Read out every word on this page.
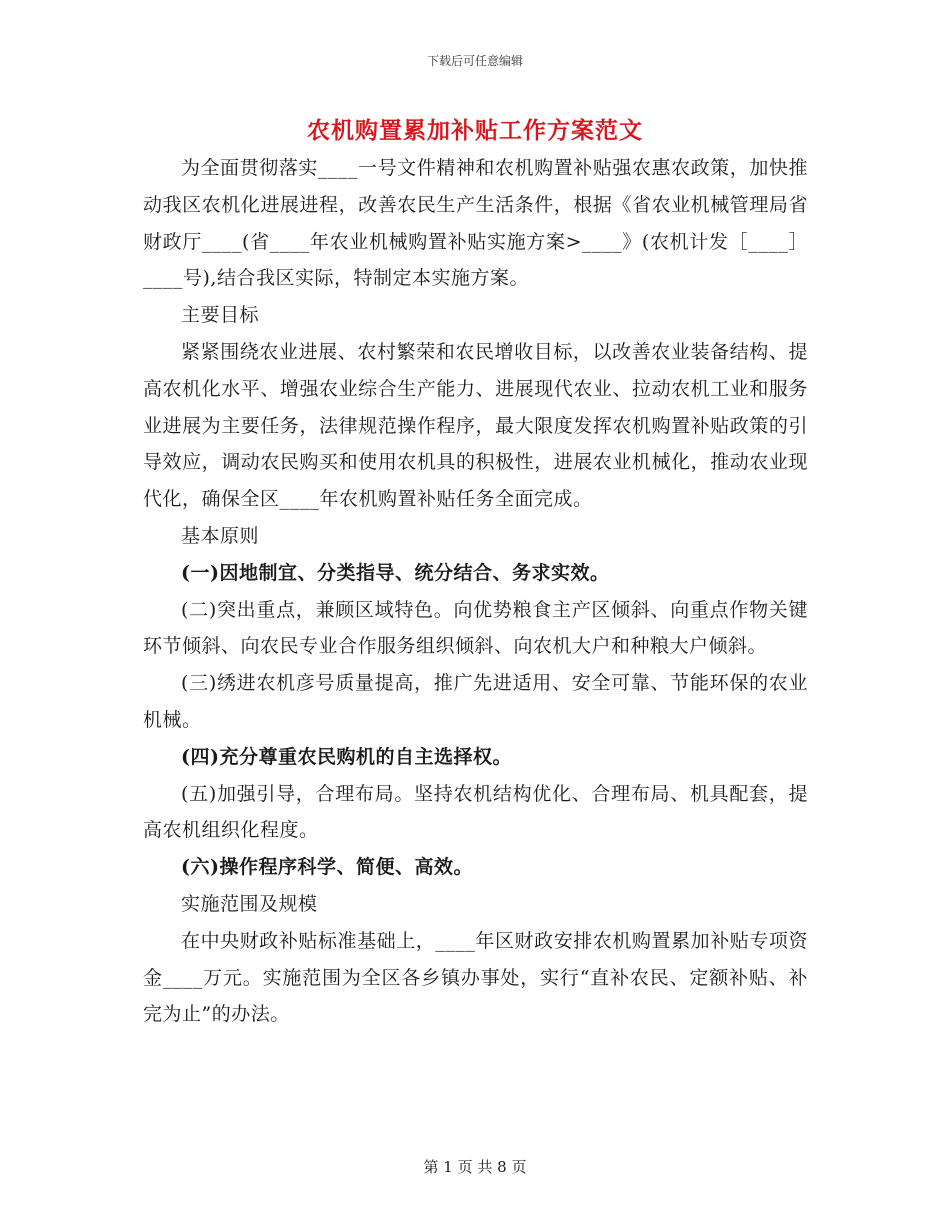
下载后可任意编辑
农机购置累加补贴工作方案范文

为全面贯彻落实____一号文件精神和农机购置补贴强农惠农政策，加快推动我区农机化进展进程，改善农民生产生活条件，根据《省农业机械管理局省财政厅____(省____年农业机械购置补贴实施方案>____》(农机计发［____］____号),结合我区实际，特制定本实施方案。

主要目标

紧紧围绕农业进展、农村繁荣和农民增收目标，以改善农业装备结构、提高农机化水平、增强农业综合生产能力、进展现代农业、拉动农机工业和服务业进展为主要任务，法律规范操作程序，最大限度发挥农机购置补贴政策的引导效应，调动农民购买和使用农机具的积极性，进展农业机械化，推动农业现代化，确保全区____年农机购置补贴任务全面完成。

基本原则

(一)因地制宜、分类指导、统分结合、务求实效。

(二)突出重点，兼顾区域特色。向优势粮食主产区倾斜、向重点作物关键环节倾斜、向农民专业合作服务组织倾斜、向农机大户和种粮大户倾斜。

(三)绣进农机彦号质量提高，推广先进适用、安全可靠、节能环保的农业机械。

(四)充分尊重农民购机的自主选择权。

(五)加强引导，合理布局。坚持农机结构优化、合理布局、机具配套，提高农机组织化程度。

(六)操作程序科学、简便、高效。

实施范围及规模

在中央财政补贴标准基础上，____年区财政安排农机购置累加补贴专项资金____万元。实施范围为全区各乡镇办事处，实行“直补农民、定额补贴、补完为止”的办法。

第 1 页 共 8 页
